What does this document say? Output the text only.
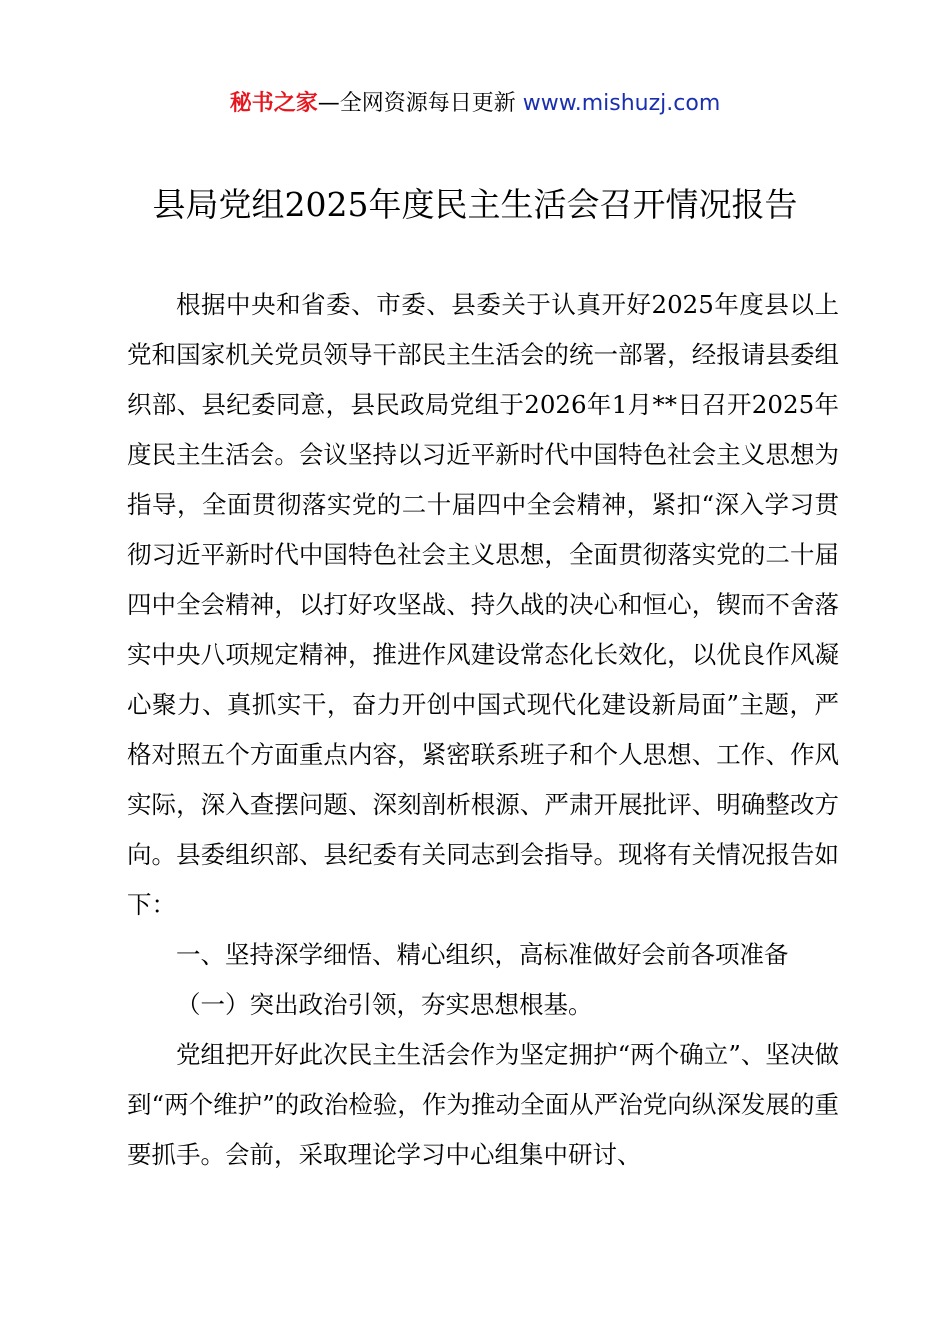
秘书之家—全网资源每日更新 www.mishuzj.com
县局党组2025年度民主生活会召开情况报告

根据中央和省委、市委、县委关于认真开好2025年度县以上党和国家机关党员领导干部民主生活会的统一部署，经报请县委组织部、县纪委同意，县民政局党组于2026年1月**日召开2025年度民主生活会。会议坚持以习近平新时代中国特色社会主义思想为指导，全面贯彻落实党的二十届四中全会精神，紧扣“深入学习贯彻习近平新时代中国特色社会主义思想，全面贯彻落实党的二十届四中全会精神，以打好攻坚战、持久战的决心和恒心，锲而不舍落实中央八项规定精神，推进作风建设常态化长效化，以优良作风凝心聚力、真抓实干，奋力开创中国式现代化建设新局面”主题，严格对照五个方面重点内容，紧密联系班子和个人思想、工作、作风实际，深入查摆问题、深刻剖析根源、严肃开展批评、明确整改方向。县委组织部、县纪委有关同志到会指导。现将有关情况报告如下：

一、坚持深学细悟、精心组织，高标准做好会前各项准备

（一）突出政治引领，夯实思想根基。

党组把开好此次民主生活会作为坚定拥护“两个确立”、坚决做到“两个维护”的政治检验，作为推动全面从严治党向纵深发展的重要抓手。会前，采取理论学习中心组集中研讨、
